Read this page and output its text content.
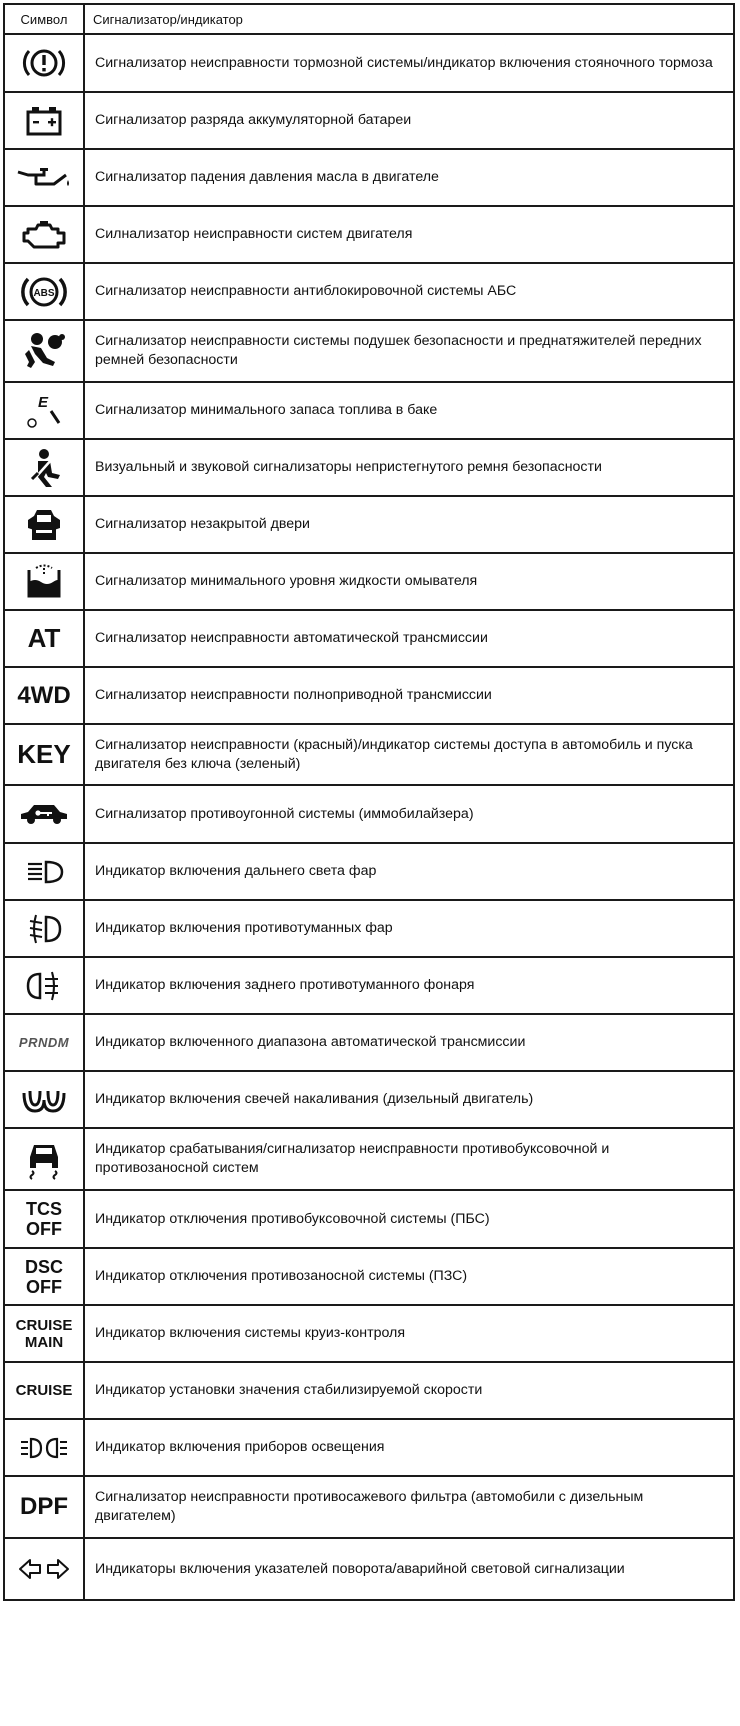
Символ	Сигнализатор/индикатор
	Сигнализатор неисправности тормозной системы/индикатор включения стояночного тормоза
	Сигнализатор разряда аккумуляторной батареи
	Сигнализатор падения давления масла в двигателе
	Силнализатор неисправности систем двигателя

ABS	Сигнализатор неисправности антиблокировочной системы АБС
	Сигнализатор неисправности системы подушек безопасности и преднатяжителей передних ремней безопасности

E	Сигнализатор минимального запаса топлива в баке
	Визуальный и звуковой сигнализаторы непристегнутого ремня безопасности
	Сигнализатор незакрытой двери
	Сигнализатор минимального уровня жидкости омывателя
AT	Сигнализатор неисправности автоматической трансмиссии
4WD	Сигнализатор неисправности полноприводной трансмиссии
KEY	Сигнализатор неисправности (красный)/индикатор системы доступа в автомобиль и пуска двигателя без ключа (зеленый)
	Сигнализатор противоугонной системы (иммобилайзера)
	Индикатор включения дальнего света фар
	Индикатор включения противотуманных фар
	Индикатор включения заднего противотуманного фонаря
PRNDM	Индикатор включенного диапазона автоматической трансмиссии
	Индикатор включения свечей накаливания (дизельный двигатель)
	Индикатор срабатывания/сигнализатор неисправности противобуксовочной и противозаносной систем

TCS
OFF	Индикатор отключения противобуксовочной системы (ПБС)

DSC
OFF	Индикатор отключения противозаносной системы (ПЗС)

CRUISE
MAIN	Индикатор включения системы круиз-контроля
CRUISE	Индикатор установки значения стабилизируемой скорости
	Индикатор включения приборов освещения
DPF	Сигнализатор неисправности противосажевого фильтра (автомобили с дизельным двигателем)
	Индикаторы включения указателей поворота/аварийной световой сигнализации
